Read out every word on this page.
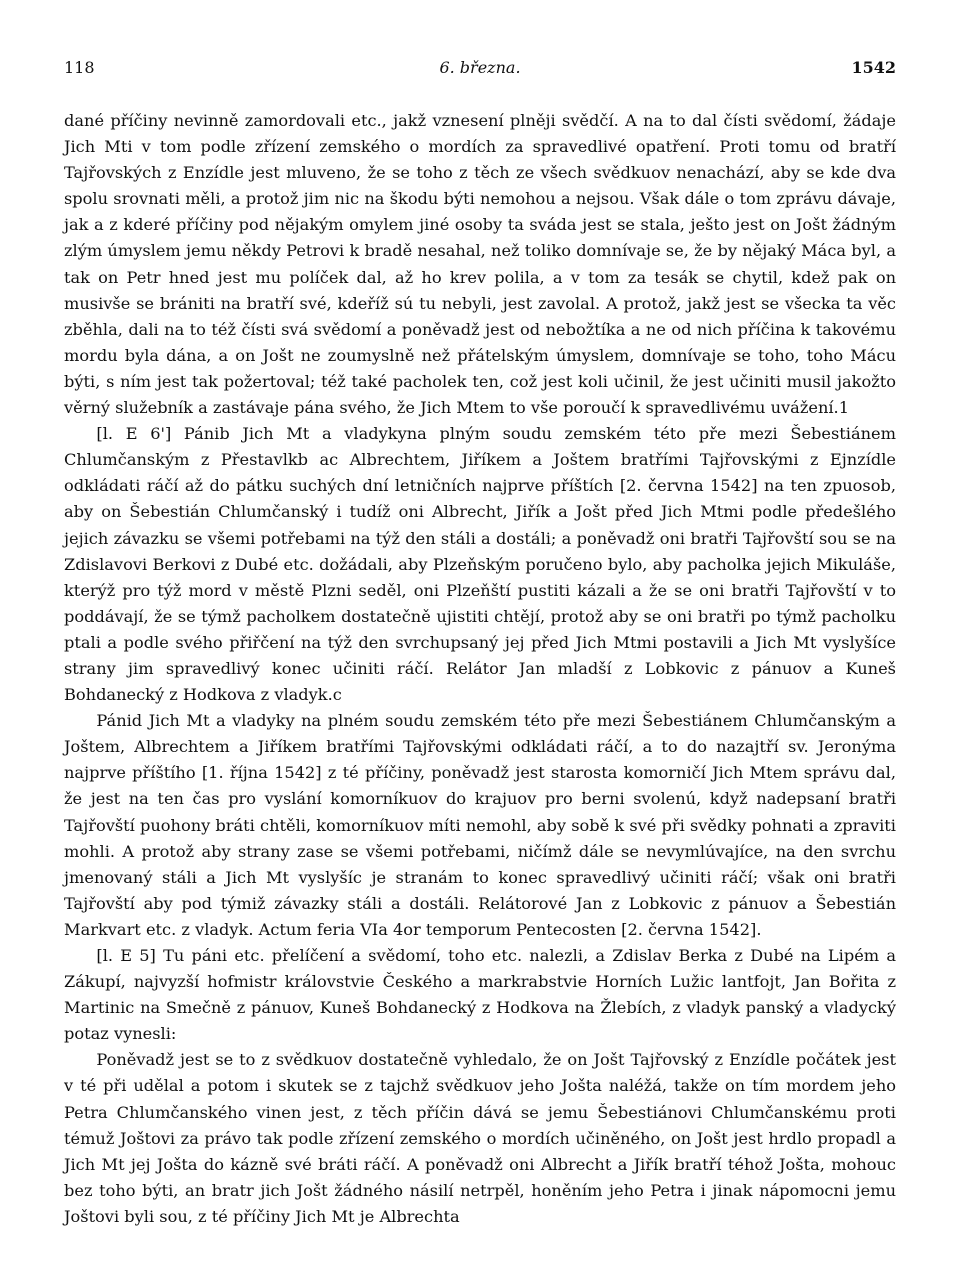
118	6. března.	1542

dané příčiny nevinně zamordovali etc., jakž vznesení plněji svědčí. A na to dal čísti svědomí, žádaje Jich Mti v tom podle zřízení zemského o mordích za spravedlivé opatření. Proti tomu od bratří Tajřovských z Enzídle jest mluveno, že se toho z těch ze všech svědkuov nenachází, aby se kde dva spolu srovnati měli, a protož jim nic na škodu býti nemohou a nejsou. Však dále o tom zprávu dávaje, jak a z kderé příčiny pod nějakým omylem jiné osoby ta sváda jest se stala, ješto jest on Jošt žádným zlým úmyslem jemu někdy Petrovi k bradě nesahal, než toliko domnívaje se, že by nějaký Máca byl, a tak on Petr hned jest mu políček dal, až ho krev polila, a v tom za tesák se chytil, kdež pak on musivše se brániti na bratří své, kdeříž sú tu nebyli, jest zavolal. A protož, jakž jest se všecka ta věc zběhla, dali na to též čísti svá svědomí a poněvadž jest od nebožtíka a ne od nich příčina k takovému mordu byla dána, a on Jošt ne zoumyslně než přátelským úmyslem, domnívaje se toho, toho Mácu býti, s ním jest tak požertoval; též také pacholek ten, což jest koli učinil, že jest učiniti musil jakožto věrný služebník a zastávaje pána svého, že Jich Mtem to vše poroučí k spravedlivému uvážení.1

[l. E 6'] Pánib Jich Mt a vladykyna plným soudu zemském této pře mezi Šebestiánem Chlumčanským z Přestavlkb ac Albrechtem, Jiříkem a Joštem bratřími Tajřovskými z Ejnzídle odkládati ráčí až do pátku suchých dní letničních najprve příštích [2. června 1542] na ten zpuosob, aby on Šebestián Chlumčanský i tudíž oni Albrecht, Jiřík a Jošt před Jich Mtmi podle předešlého jejich závazku se všemi potřebami na týž den stáli a dostáli; a poněvadž oni bratři Tajřovští sou se na Zdislavovi Berkovi z Dubé etc. dožádali, aby Plzeňským poručeno bylo, aby pacholka jejich Mikuláše, kterýž pro týž mord v městě Plzni seděl, oni Plzeňští pustiti kázali a že se oni bratři Tajřovští v to poddávají, že se týmž pacholkem dostatečně ujistiti chtějí, protož aby se oni bratři po týmž pacholku ptali a podle svého přiřčení na týž den svrchupsaný jej před Jich Mtmi postavili a Jich Mt vyslyšíce strany jim spravedlivý konec učiniti ráčí. Relátor Jan mladší z Lobkovic z pánuov a Kuneš Bohdanecký z Hodkova z vladyk.c

Pánid Jich Mt a vladyky na plném soudu zemském této pře mezi Šebestiánem Chlumčanským a Joštem, Albrechtem a Jiříkem bratřími Tajřovskými odkládati ráčí, a to do nazajtří sv. Jeronýma najprve příštího [1. října 1542] z té příčiny, poněvadž jest starosta komorničí Jich Mtem správu dal, že jest na ten čas pro vyslání komorníkuov do krajuov pro berni svolenú, když nadepsaní bratři Tajřovští puohony bráti chtěli, komorníkuov míti nemohl, aby sobě k své při svědky pohnati a zpraviti mohli. A protož aby strany zase se všemi potřebami, ničímž dále se nevymlúvajíce, na den svrchu jmenovaný stáli a Jich Mt vyslyšíc je stranám to konec spravedlivý učiniti ráčí; však oni bratři Tajřovští aby pod týmiž závazky stáli a dostáli. Relátorové Jan z Lobkovic z pánuov a Šebestián Markvart etc. z vladyk. Actum feria VIa 4or temporum Pentecosten [2. června 1542].

[l. E 5] Tu páni etc. přelíčení a svědomí, toho etc. nalezli, a Zdislav Berka z Dubé na Lipém a Zákupí, najvyzší hofmistr královstvie Českého a markrabstvie Horních Lužic lantfojt, Jan Bořita z Martinic na Smečně z pánuov, Kuneš Bohdanecký z Hodkova na Žlebích, z vladyk panský a vladycký potaz vynesli:

Poněvadž jest se to z svědkuov dostatečně vyhledalo, že on Jošt Tajřovský z Enzídle počátek jest v té při udělal a potom i skutek se z tajchž svědkuov jeho Jošta naléžá, takže on tím mordem jeho Petra Chlumčanského vinen jest, z těch příčin dává se jemu Šebestiánovi Chlumčanskému proti témuž Joštovi za právo tak podle zřízení zemského o mordích učiněného, on Jošt jest hrdlo propadl a Jich Mt jej Jošta do kázně své bráti ráčí. A poněvadž oni Albrecht a Jiřík bratří téhož Jošta, mohouc bez toho býti, an bratr jich Jošt žádného násilí netrpěl, honěním jeho Petra i jinak nápomocni jemu Joštovi byli sou, z té příčiny Jich Mt je Albrechta
